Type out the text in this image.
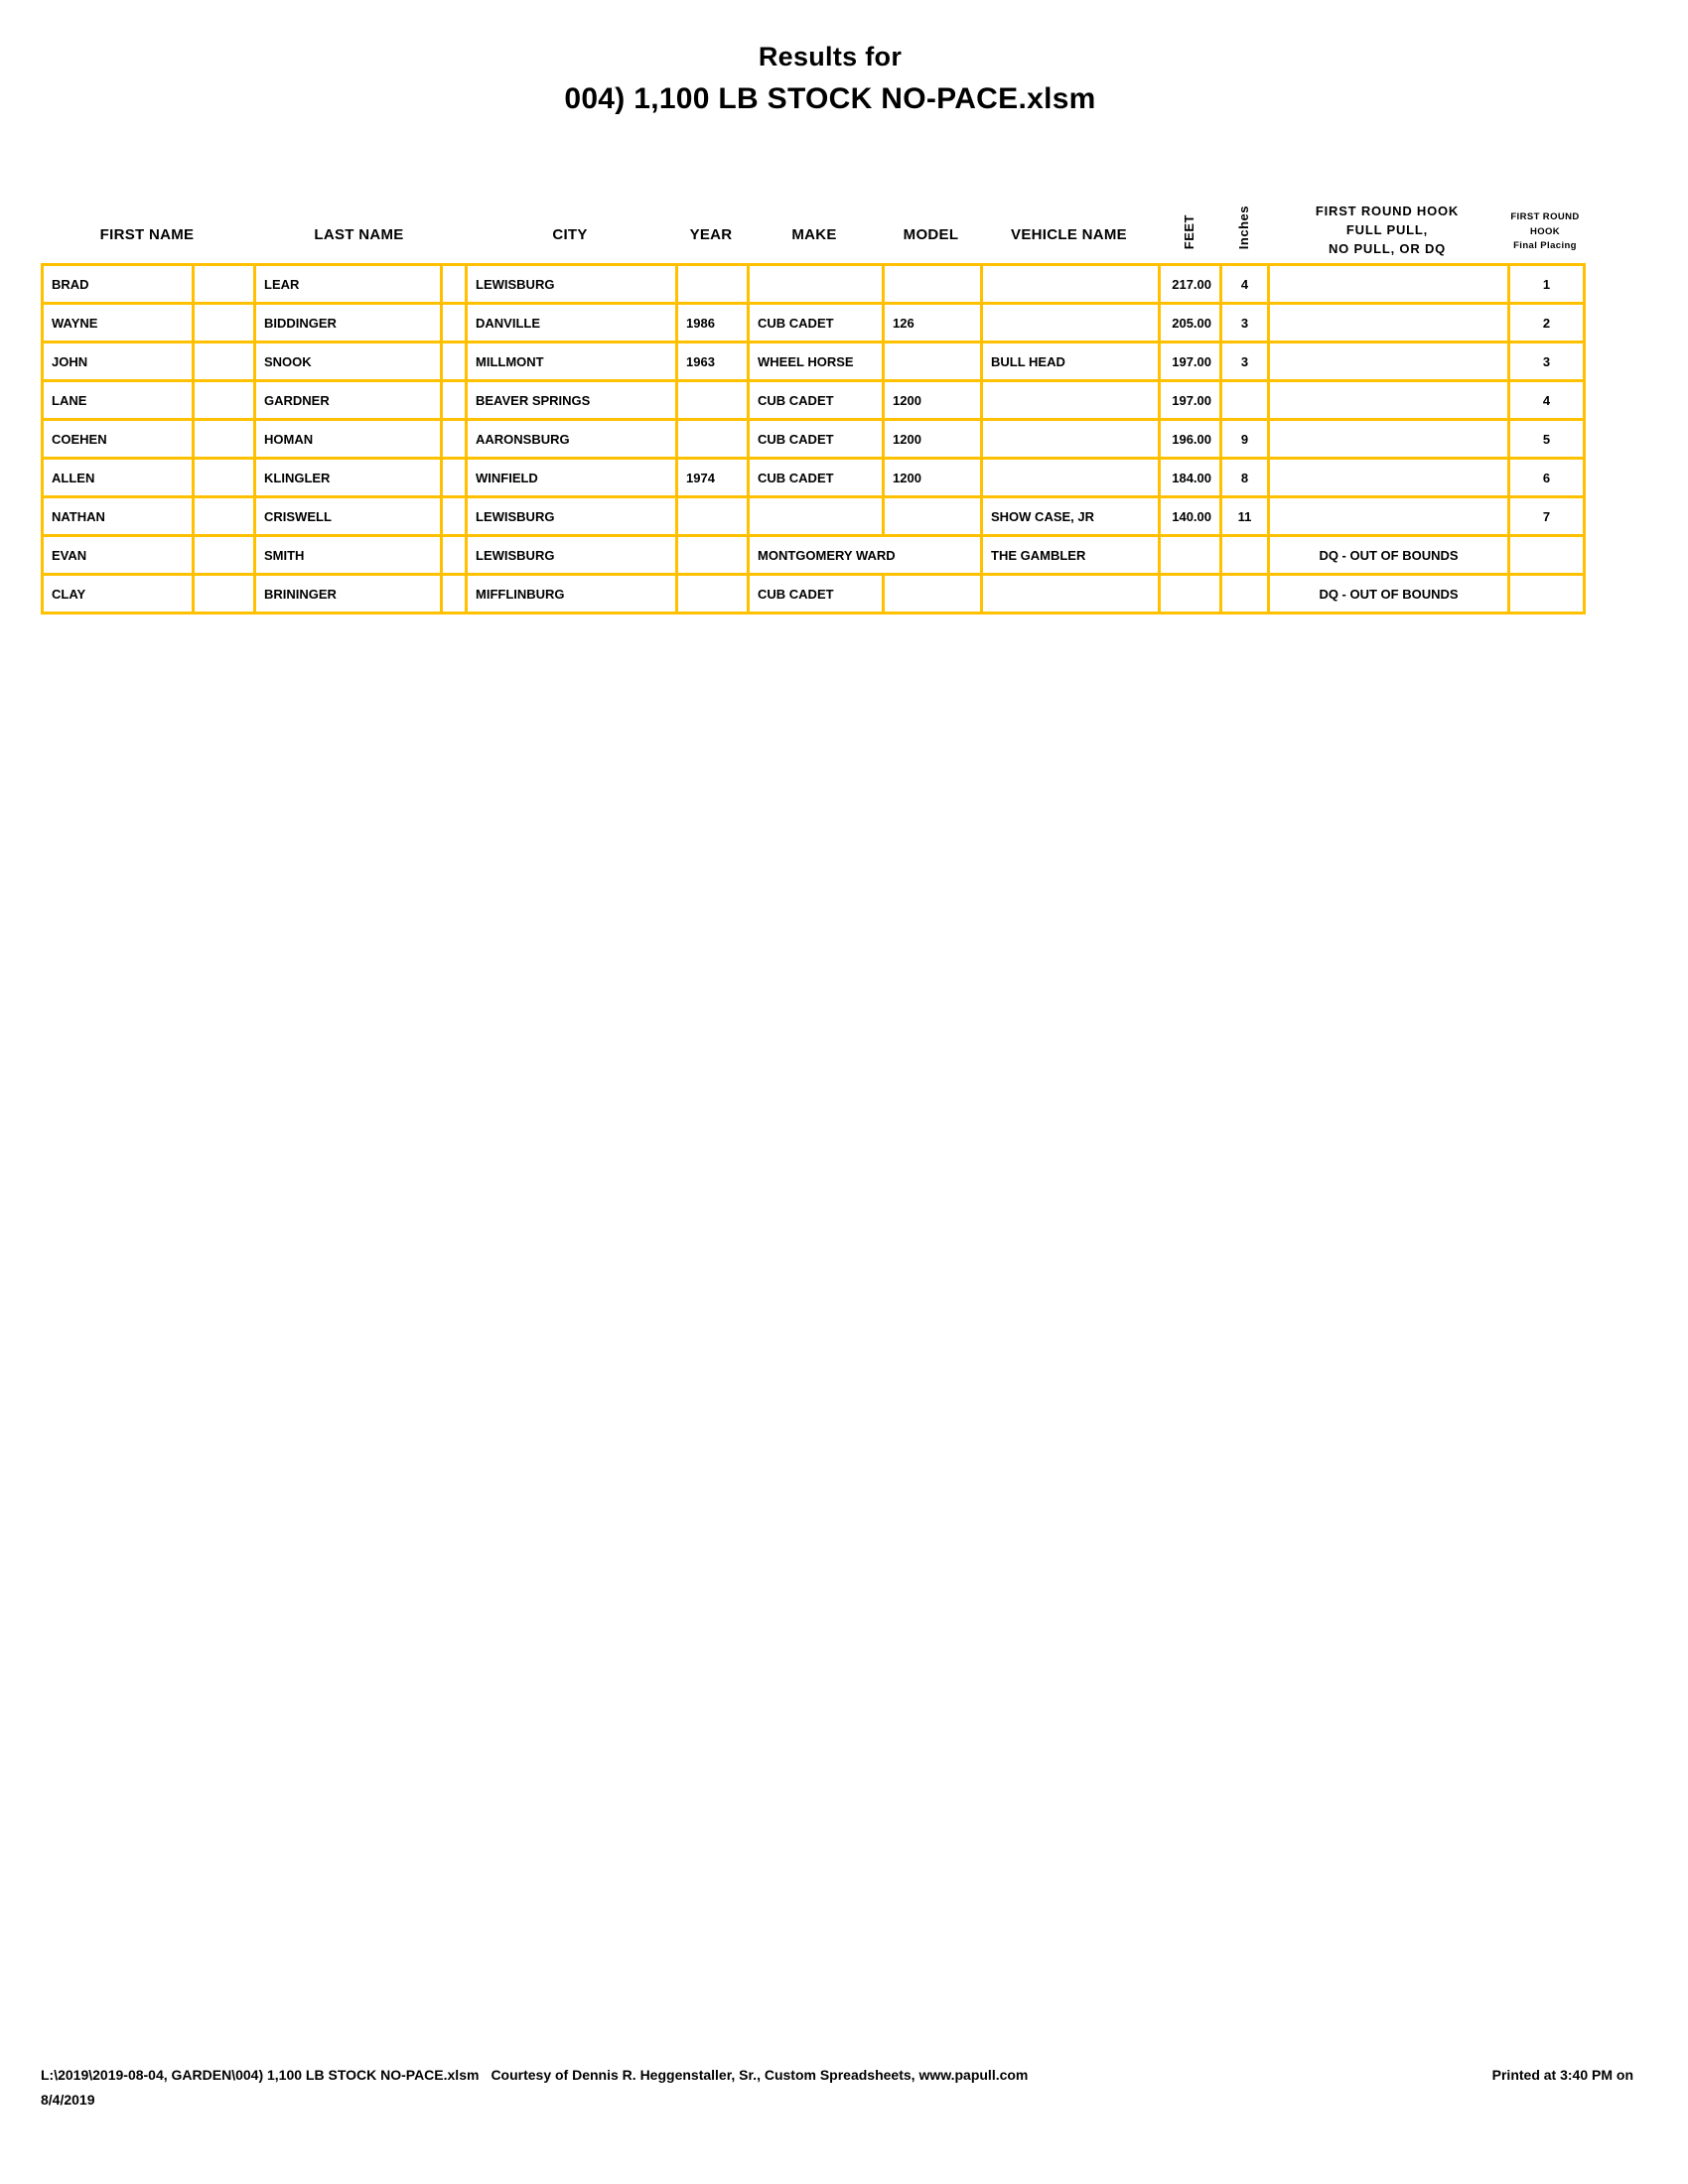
Results for
004) 1,100 LB STOCK NO-PACE.xlsm
FIRST NAME	LAST NAME	CITY	YEAR	MAKE	MODEL	VEHICLE NAME	FEET	Inches	FIRST ROUND HOOK
FULL PULL,
NO PULL, OR DQ
FIRST ROUND
HOOK
Final Placing
BRAD		LEAR		LEWISBURG					217.00	4		1
WAYNE		BIDDINGER		DANVILLE	1986	CUB CADET	126		205.00	3		2
JOHN		SNOOK		MILLMONT	1963	WHEEL HORSE		BULL HEAD	197.00	3		3
LANE		GARDNER		BEAVER SPRINGS		CUB CADET	1200		197.00			4
COEHEN		HOMAN		AARONSBURG		CUB CADET	1200		196.00	9		5
ALLEN		KLINGLER		WINFIELD	1974	CUB CADET	1200		184.00	8		6
NATHAN		CRISWELL		LEWISBURG				SHOW CASE, JR	140.00	11		7
EVAN		SMITH		LEWISBURG		MONTGOMERY WARD		THE GAMBLER			DQ - OUT OF BOUNDS	
CLAY		BRININGER		MIFFLINBURG		CUB CADET					DQ - OUT OF BOUNDS	
L:\2019\2019-08-04, GARDEN\004) 1,100 LB STOCK NO-PACE.xlsm Courtesy of Dennis R. Heggenstaller, Sr., Custom Spreadsheets, www.papull.com	Printed at 3:40 PM on
8/4/2019
